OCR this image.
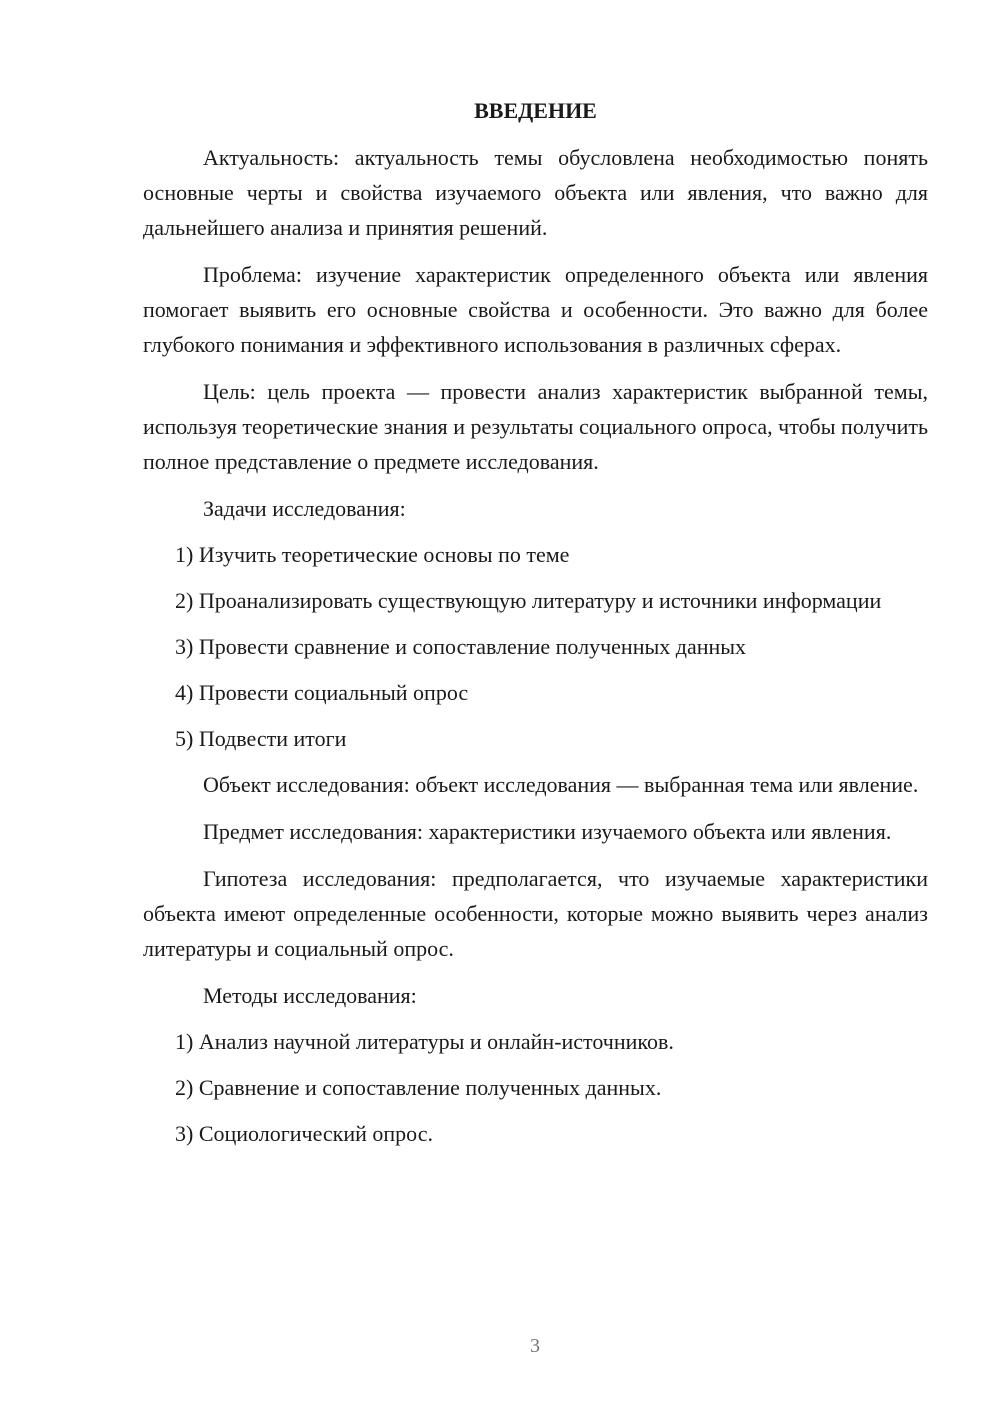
ВВЕДЕНИЕ

Актуальность: актуальность темы обусловлена необходимостью понять основные черты и свойства изучаемого объекта или явления, что важно для дальнейшего анализа и принятия решений.

Проблема: изучение характеристик определенного объекта или явления помогает выявить его основные свойства и особенности. Это важно для более глубокого понимания и эффективного использования в различных сферах.

Цель: цель проекта — провести анализ характеристик выбранной темы, используя теоретические знания и результаты социального опроса, чтобы получить полное представление о предмете исследования.

Задачи исследования:
1) Изучить теоретические основы по теме
2) Проанализировать существующую литературу и источники информации
3) Провести сравнение и сопоставление полученных данных
4) Провести социальный опрос
5) Подвести итоги

Объект исследования: объект исследования — выбранная тема или явление.

Предмет исследования: характеристики изучаемого объекта или явления.

Гипотеза исследования: предполагается, что изучаемые характеристики объекта имеют определенные особенности, которые можно выявить через анализ литературы и социальный опрос.

Методы исследования:
1) Анализ научной литературы и онлайн-источников.
2) Сравнение и сопоставление полученных данных.
3) Социологический опрос.
3
